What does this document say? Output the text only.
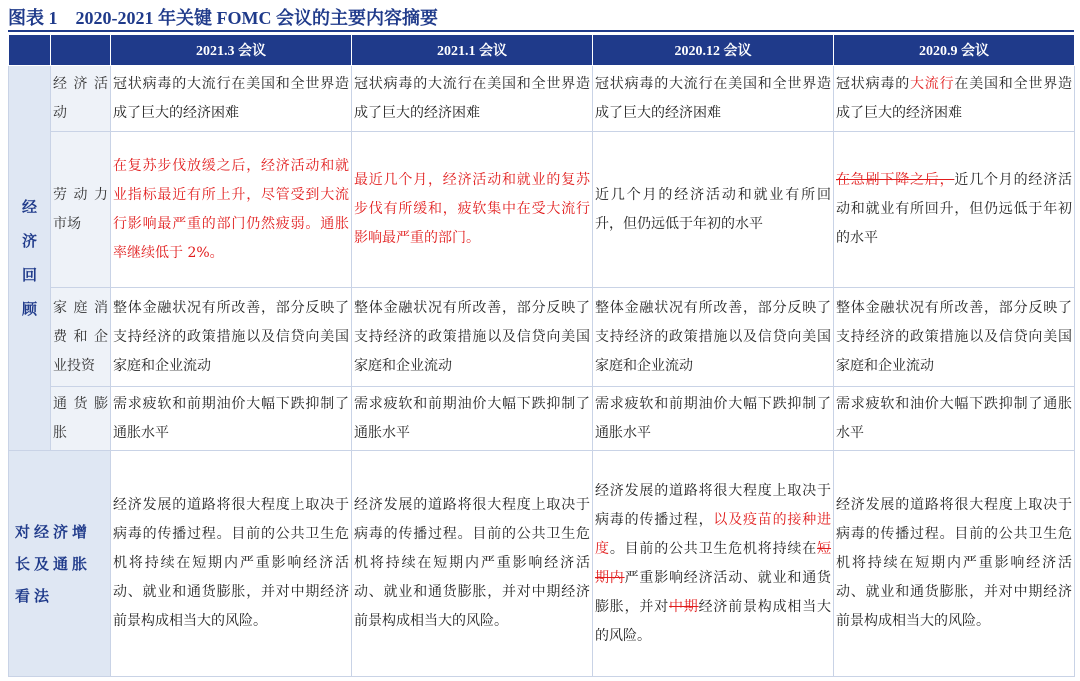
图表 1　2020-2021 年关键 FOMC 会议的主要内容摘要
		2021.3 会议	2021.1 会议	2020.12 会议	2020.9 会议

经济回顾	经济活动	冠状病毒的大流行在美国和全世界造成了巨大的经济困难	冠状病毒的大流行在美国和全世界造成了巨大的经济困难	冠状病毒的大流行在美国和全世界造成了巨大的经济困难	冠状病毒的大流行在美国和全世界造成了巨大的经济困难
	劳动力市场	在复苏步伐放缓之后，经济活动和就业指标最近有所上升，尽管受到大流行影响最严重的部门仍然疲弱。通胀率继续低于 2%。	最近几个月，经济活动和就业的复苏步伐有所缓和，疲软集中在受大流行影响最严重的部门。	近几个月的经济活动和就业有所回升，但仍远低于年初的水平	在急剧下降之后，近几个月的经济活动和就业有所回升，但仍远低于年初的水平
	家庭消费和企业投资	整体金融状况有所改善，部分反映了支持经济的政策措施以及信贷向美国家庭和企业流动	整体金融状况有所改善，部分反映了支持经济的政策措施以及信贷向美国家庭和企业流动	整体金融状况有所改善，部分反映了支持经济的政策措施以及信贷向美国家庭和企业流动	整体金融状况有所改善，部分反映了支持经济的政策措施以及信贷向美国家庭和企业流动
	通货膨胀	需求疲软和前期油价大幅下跌抑制了通胀水平	需求疲软和前期油价大幅下跌抑制了通胀水平	需求疲软和前期油价大幅下跌抑制了通胀水平	需求疲软和油价大幅下跌抑制了通胀水平

对经济增长及通胀看法		经济发展的道路将很大程度上取决于病毒的传播过程。目前的公共卫生危机将持续在短期内严重影响经济活动、就业和通货膨胀，并对中期经济前景构成相当大的风险。	经济发展的道路将很大程度上取决于病毒的传播过程。目前的公共卫生危机将持续在短期内严重影响经济活动、就业和通货膨胀，并对中期经济前景构成相当大的风险。	经济发展的道路将很大程度上取决于病毒的传播过程，以及疫苗的接种进度。目前的公共卫生危机将持续在短期内严重影响经济活动、就业和通货膨胀，并对中期经济前景构成相当大的风险。	经济发展的道路将很大程度上取决于病毒的传播过程。目前的公共卫生危机将持续在短期内严重影响经济活动、就业和通货膨胀，并对中期经济前景构成相当大的风险。
